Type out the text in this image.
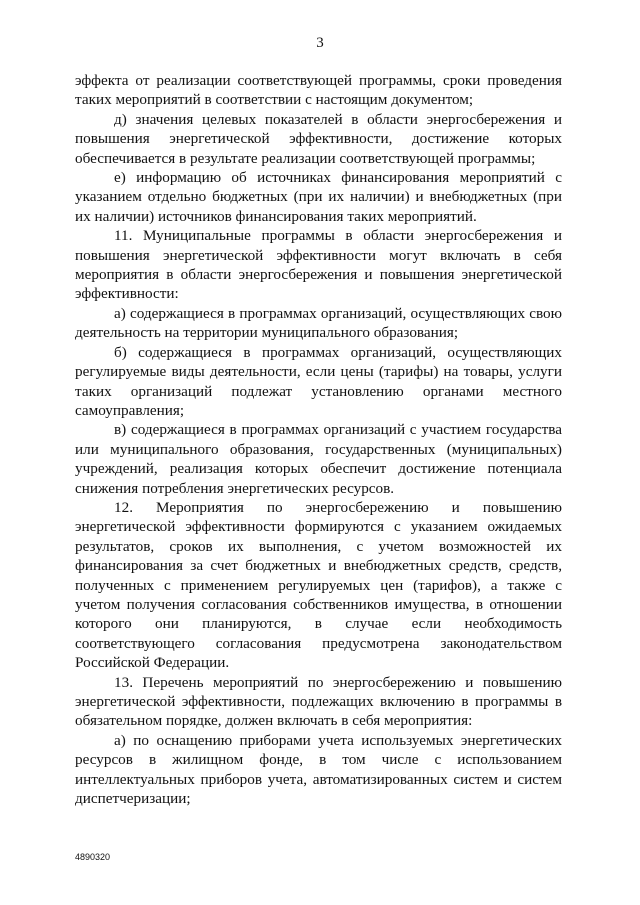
3

эффекта от реализации соответствующей программы, сроки проведения таких мероприятий в соответствии с настоящим документом;

д) значения целевых показателей в области энергосбережения и повышения энергетической эффективности, достижение которых обеспечивается в результате реализации соответствующей программы;

е) информацию об источниках финансирования мероприятий с указанием отдельно бюджетных (при их наличии) и внебюджетных (при их наличии) источников финансирования таких мероприятий.

11. Муниципальные программы в области энергосбережения и повышения энергетической эффективности могут включать в себя мероприятия в области энергосбережения и повышения энергетической эффективности:

а) содержащиеся в программах организаций, осуществляющих свою деятельность на территории муниципального образования;

б) содержащиеся в программах организаций, осуществляющих регулируемые виды деятельности, если цены (тарифы) на товары, услуги таких организаций подлежат установлению органами местного самоуправления;

в) содержащиеся в программах организаций с участием государства или муниципального образования, государственных (муниципальных) учреждений, реализация которых обеспечит достижение потенциала снижения потребления энергетических ресурсов.

12. Мероприятия по энергосбережению и повышению энергетической эффективности формируются с указанием ожидаемых результатов, сроков их выполнения, с учетом возможностей их финансирования за счет бюджетных и внебюджетных средств, средств, полученных с применением регулируемых цен (тарифов), а также с учетом получения согласования собственников имущества, в отношении которого они планируются, в случае если необходимость соответствующего согласования предусмотрена законодательством Российской Федерации.

13. Перечень мероприятий по энергосбережению и повышению энергетической эффективности, подлежащих включению в программы в обязательном порядке, должен включать в себя мероприятия:

а) по оснащению приборами учета используемых энергетических ресурсов в жилищном фонде, в том числе с использованием интеллектуальных приборов учета, автоматизированных систем и систем диспетчеризации;

4890320
